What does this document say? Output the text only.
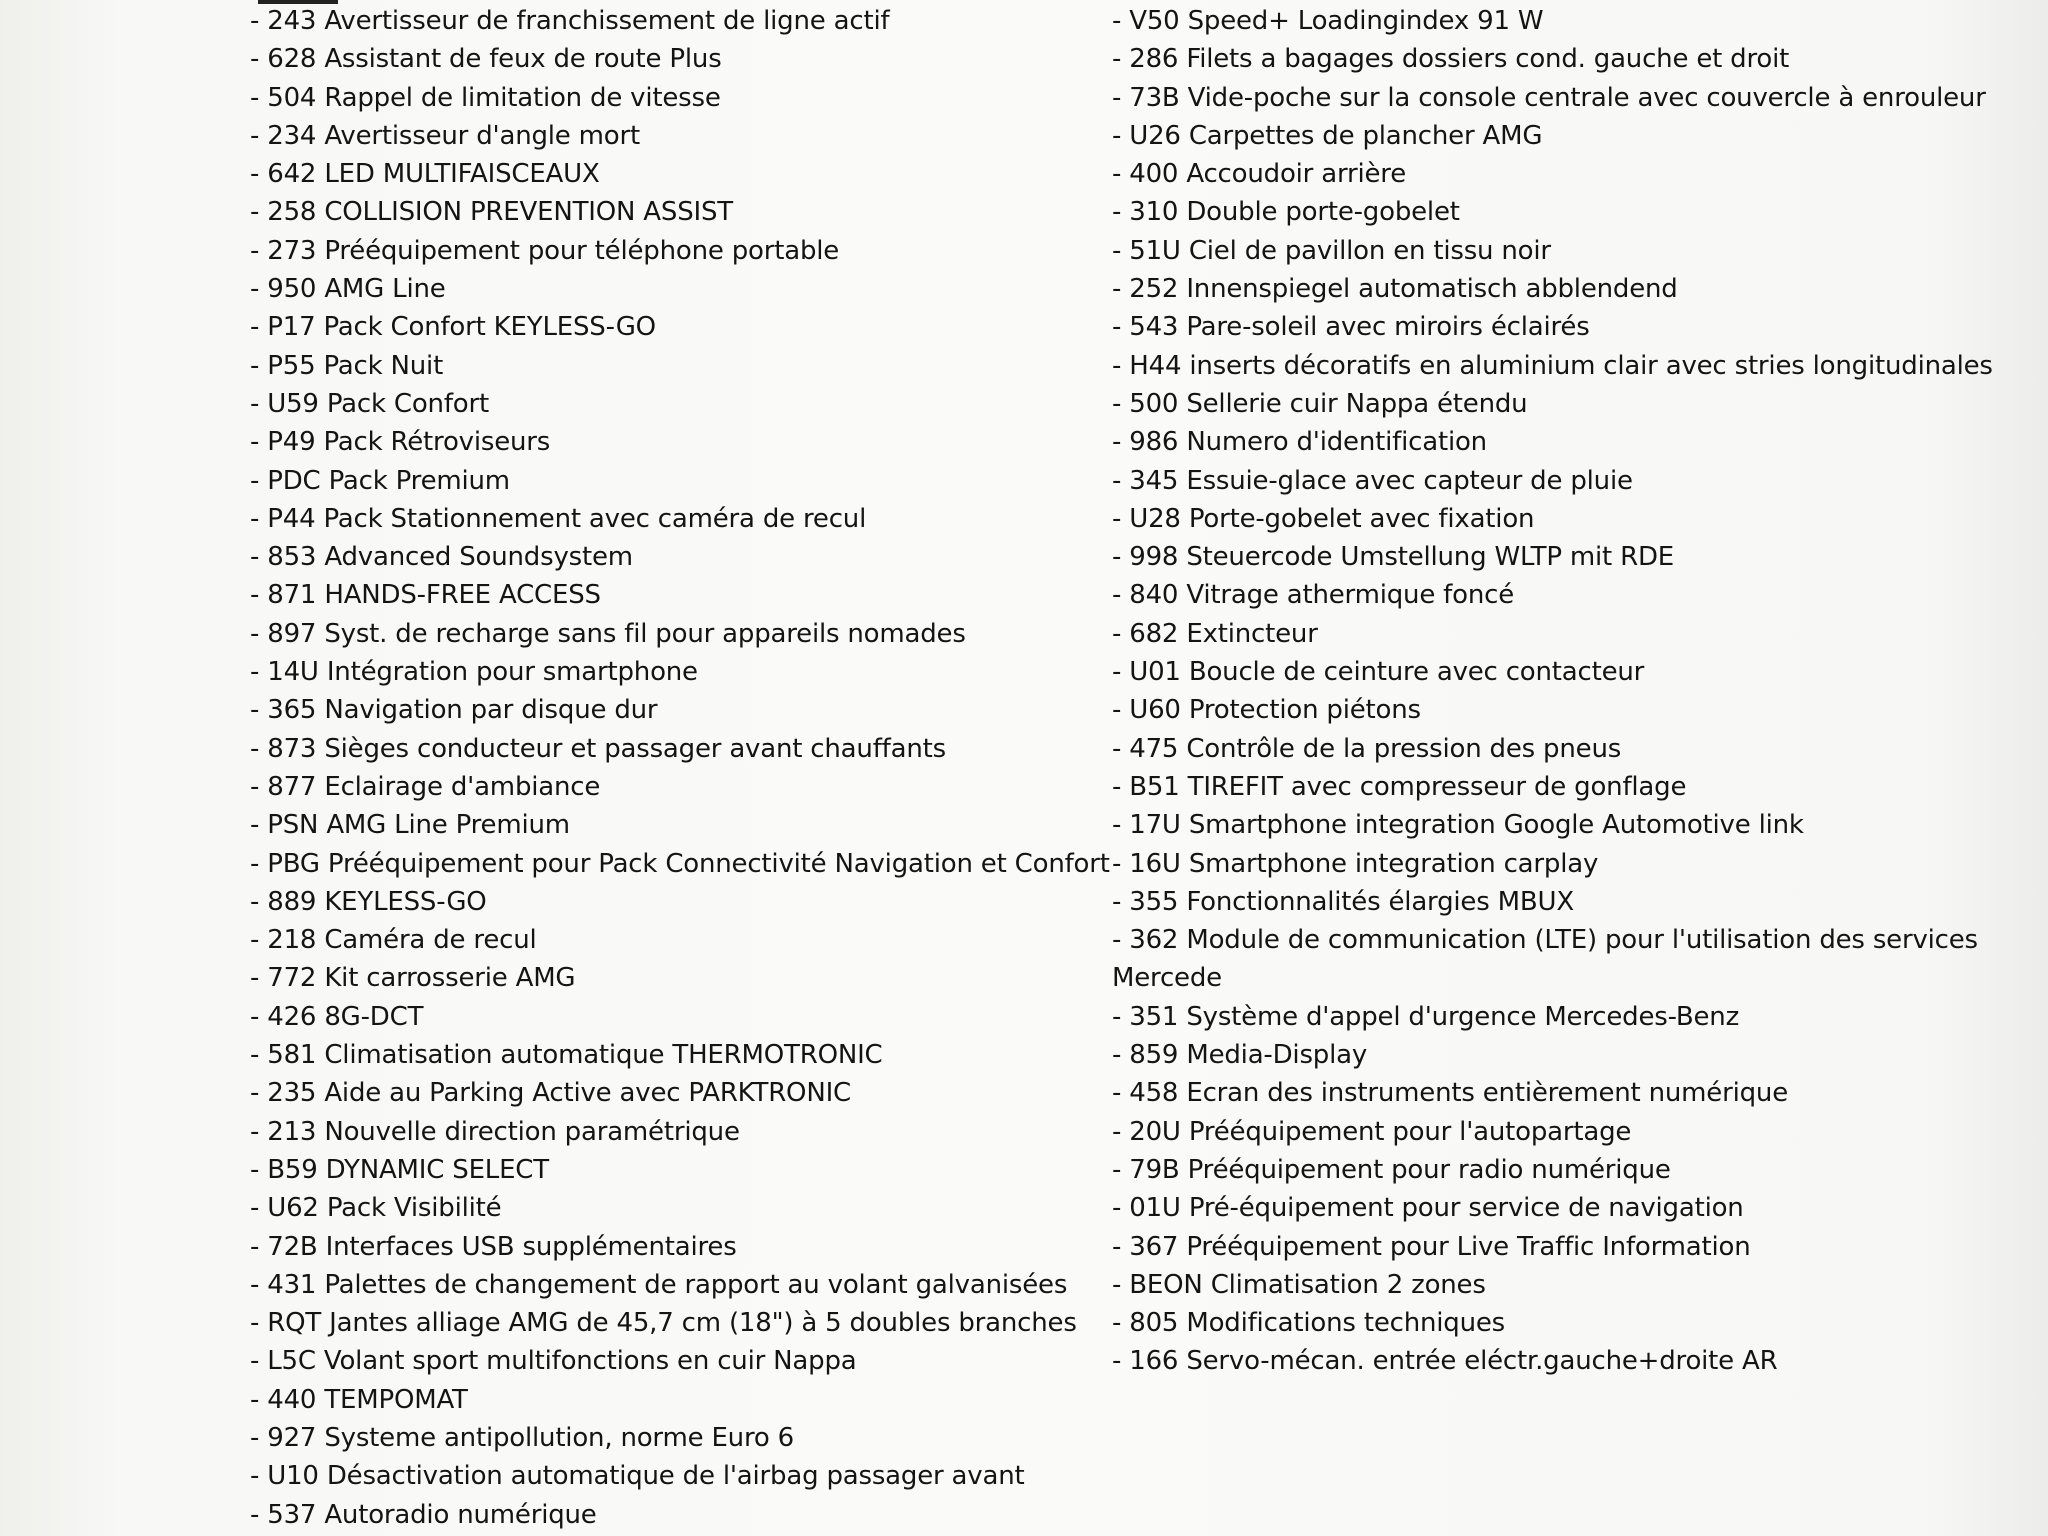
- 243 Avertisseur de franchissement de ligne actif
- 628 Assistant de feux de route Plus
- 504 Rappel de limitation de vitesse
- 234 Avertisseur d'angle mort
- 642 LED MULTIFAISCEAUX
- 258 COLLISION PREVENTION ASSIST
- 273 Prééquipement pour téléphone portable
- 950 AMG Line
- P17 Pack Confort KEYLESS-GO
- P55 Pack Nuit
- U59 Pack Confort
- P49 Pack Rétroviseurs
- PDC Pack Premium
- P44 Pack Stationnement avec caméra de recul
- 853 Advanced Soundsystem
- 871 HANDS-FREE ACCESS
- 897 Syst. de recharge sans fil pour appareils nomades
- 14U Intégration pour smartphone
- 365 Navigation par disque dur
- 873 Sièges conducteur et passager avant chauffants
- 877 Eclairage d'ambiance
- PSN AMG Line Premium
- PBG Prééquipement pour Pack Connectivité Navigation et Confort
- 889 KEYLESS-GO
- 218 Caméra de recul
- 772 Kit carrosserie AMG
- 426 8G-DCT
- 581 Climatisation automatique THERMOTRONIC
- 235 Aide au Parking Active avec PARKTRONIC
- 213 Nouvelle direction paramétrique
- B59 DYNAMIC SELECT
- U62 Pack Visibilité
- 72B Interfaces USB supplémentaires
- 431 Palettes de changement de rapport au volant galvanisées
- RQT Jantes alliage AMG de 45,7 cm (18") à 5 doubles branches
- L5C Volant sport multifonctions en cuir Nappa
- 440 TEMPOMAT
- 927 Systeme antipollution, norme Euro 6
- U10 Désactivation automatique de l'airbag passager avant
- 537 Autoradio numérique
- V50 Speed+ Loadingindex 91 W
- 286 Filets a bagages dossiers cond. gauche et droit
- 73B Vide-poche sur la console centrale avec couvercle à enrouleur
- U26 Carpettes de plancher AMG
- 400 Accoudoir arrière
- 310 Double porte-gobelet
- 51U Ciel de pavillon en tissu noir
- 252 Innenspiegel automatisch abblendend
- 543 Pare-soleil avec miroirs éclairés
- H44 inserts décoratifs en aluminium clair avec stries longitudinales
- 500 Sellerie cuir Nappa étendu
- 986 Numero d'identification
- 345 Essuie-glace avec capteur de pluie
- U28 Porte-gobelet avec fixation
- 998 Steuercode Umstellung WLTP mit RDE
- 840 Vitrage athermique foncé
- 682 Extincteur
- U01 Boucle de ceinture avec contacteur
- U60 Protection piétons
- 475 Contrôle de la pression des pneus
- B51 TIREFIT avec compresseur de gonflage
- 17U Smartphone integration Google Automotive link
- 16U Smartphone integration carplay
- 355 Fonctionnalités élargies MBUX
- 362 Module de communication (LTE) pour l'utilisation des services Mercede
- 351 Système d'appel d'urgence Mercedes-Benz
- 859 Media-Display
- 458 Ecran des instruments entièrement numérique
- 20U Prééquipement pour l'autopartage
- 79B Prééquipement pour radio numérique
- 01U Pré-équipement pour service de navigation
- 367 Prééquipement pour Live Traffic Information
- BEON Climatisation 2 zones
- 805 Modifications techniques
- 166 Servo-mécan. entrée eléctr.gauche+droite AR
